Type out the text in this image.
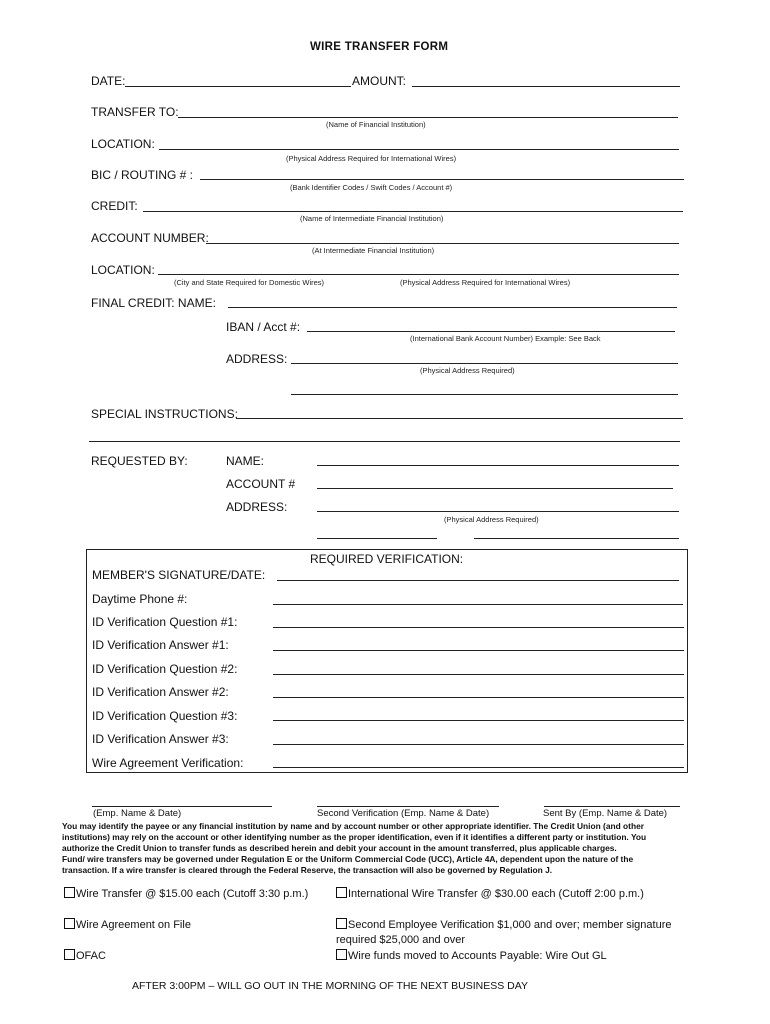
WIRE TRANSFER FORM
DATE:	AMOUNT:
TRANSFER TO:
(Name of Financial Institution)
LOCATION:
(Physical Address Required for International Wires)
BIC / ROUTING # :
(Bank Identifier Codes / Swift Codes / Account #)
CREDIT:
(Name of Intermediate Financial Institution)
ACCOUNT NUMBER:
(At Intermediate Financial Institution)
LOCATION:
(City and State Required for Domestic Wires)	(Physical Address Required for International Wires)
FINAL CREDIT: NAME:
IBAN / Acct #:
(International Bank Account Number) Example: See Back
ADDRESS:
(Physical Address Required)
SPECIAL INSTRUCTIONS:
REQUESTED BY:	NAME:
ACCOUNT #
ADDRESS:
(Physical Address Required)
REQUIRED VERIFICATION:
MEMBER'S SIGNATURE/DATE:
Daytime Phone #:
ID Verification Question #1:
ID Verification Answer #1:
ID Verification Question #2:
ID Verification Answer #2:
ID Verification Question #3:
ID Verification Answer #3:
Wire Agreement Verification:
(Emp. Name & Date)	Second Verification (Emp. Name & Date)	Sent By (Emp. Name & Date)
You may identify the payee or any financial institution by name and by account number or other appropriate identifier. The Credit Union (and other
institutions) may rely on the account or other identifying number as the proper identification, even if it identifies a different party or institution. You
authorize the Credit Union to transfer funds as described herein and debit your account in the amount transferred, plus applicable charges.
Fund/ wire transfers may be governed under Regulation E or the Uniform Commercial Code (UCC), Article 4A, dependent upon the nature of the
transaction. If a wire transfer is cleared through the Federal Reserve, the transaction will also be governed by Regulation J.
Wire Transfer @ $15.00 each (Cutoff 3:30 p.m.)	International Wire Transfer @ $30.00 each (Cutoff 2:00 p.m.)
Wire Agreement on File	Second Employee Verification $1,000 and over; member signature
required $25,000 and over
OFAC	Wire funds moved to Accounts Payable: Wire Out GL
AFTER 3:00PM – WILL GO OUT IN THE MORNING OF THE NEXT BUSINESS DAY
